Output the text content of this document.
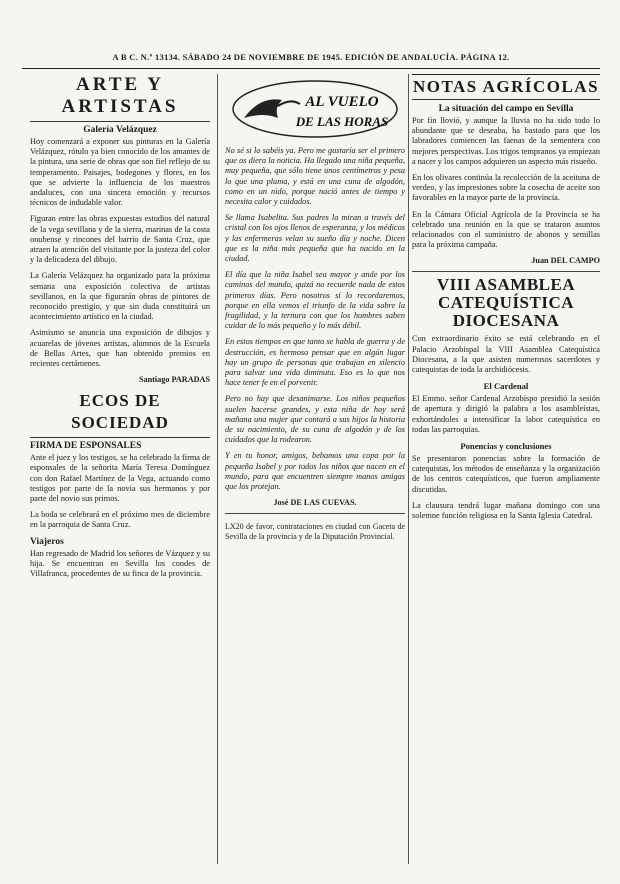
A B C. N.º 13134. SÁBADO 24 DE NOVIEMBRE DE 1945. EDICIÓN DE ANDALUCÍA. PÁGINA 12.
ARTE Y ARTISTAS
Galería Velázquez

Hoy comenzará a exponer sus pinturas en la Galería Velázquez, rótulo ya bien conocido de los amantes de la pintura, una serie de obras que son fiel reflejo de su temperamento. Paisajes, bodegones y flores, en los que se advierte la influencia de los maestros andaluces, con una sincera emoción y recursos técnicos de indudable valor.

Figuran entre las obras expuestas estudios del natural de la vega sevillana y de la sierra, marinas de la costa onubense y rincones del barrio de Santa Cruz, que atraen la atención del visitante por la justeza del color y la delicadeza del dibujo.

La Galería Velázquez ha organizado para la próxima semana una exposición colectiva de artistas sevillanos, en la que figurarán obras de pintores de reconocido prestigio, y que sin duda constituirá un acontecimiento artístico en la ciudad.

Asimismo se anuncia una exposición de dibujos y acuarelas de jóvenes artistas, alumnos de la Escuela de Bellas Artes, que han obtenido premios en recientes certámenes.

Santiago PARADAS
ECOS DE SOCIEDAD
FIRMA DE ESPONSALES

Ante el juez y los testigos, se ha celebrado la firma de esponsales de la señorita María Teresa Domínguez con don Rafael Martínez de la Vega, actuando como testigos por parte de la novia sus hermanos y por parte del novio sus primos.

La boda se celebrará en el próximo mes de diciembre en la parroquia de Santa Cruz.

Viajeros

Han regresado de Madrid los señores de Vázquez y su hija. Se encuentran en Sevilla los condes de Villafranca, procedentes de su finca de la provincia.

AL VUELO
DE LAS HORAS

No sé si lo sabéis ya. Pero me gustaría ser el primero que os diera la noticia. Ha llegado una niña pequeña, muy pequeña, que sólo tiene unos centímetros y pesa lo que una pluma, y está en una cuna de algodón, como en un nido, porque nació antes de tiempo y necesita calor y cuidados.

Se llama Isabelita. Sus padres la miran a través del cristal con los ojos llenos de esperanza, y los médicos y las enfermeras velan su sueño día y noche. Dicen que es la niña más pequeña que ha nacido en la ciudad.

El día que la niña Isabel sea mayor y ande por los caminos del mundo, quizá no recuerde nada de estos primeros días. Pero nosotros sí lo recordaremos, porque en ella vemos el triunfo de la vida sobre la fragilidad, y la ternura con que los hombres saben cuidar de lo más pequeño y lo más débil.

En estos tiempos en que tanto se habla de guerra y de destrucción, es hermoso pensar que en algún lugar hay un grupo de personas que trabajan en silencio para salvar una vida diminuta. Eso es lo que nos hace tener fe en el porvenir.

Pero no hay que desanimarse. Los niños pequeños suelen hacerse grandes, y esta niña de hoy será mañana una mujer que contará a sus hijos la historia de su nacimiento, de su cuna de algodón y de los cuidados que la rodearon.

Y en tu honor, amigos, bebamos una copa por la pequeña Isabel y por todos los niños que nacen en el mundo, para que encuentren siempre manos amigas que los protejan.

José DE LAS CUEVAS.

LX20 de favor, contrataciones en ciudad con Gaceta de Sevilla de la provincia y de la Diputación Provincial.

NOTAS AGRÍCOLAS
La situación del campo en Sevilla

Por fin llovió, y aunque la lluvia no ha sido todo lo abundante que se deseaba, ha bastado para que los labradores comiencen las faenas de la sementera con mejores perspectivas. Los trigos tempranos ya empiezan a nacer y los campos adquieren un aspecto más risueño.

En los olivares continúa la recolección de la aceituna de verdeo, y las impresiones sobre la cosecha de aceite son favorables en la mayor parte de la provincia.

En la Cámara Oficial Agrícola de la Provincia se ha celebrado una reunión en la que se trataron asuntos relacionados con el suministro de abonos y semillas para la próxima campaña.

Juan DEL CAMPO
VIII ASAMBLEA CATEQUÍSTICA DIOCESANA

Con extraordinario éxito se está celebrando en el Palacio Arzobispal la VIII Asamblea Catequística Diocesana, a la que asisten numerosos sacerdotes y catequistas de toda la archidiócesis.

El Cardenal

El Emmo. señor Cardenal Arzobispo presidió la sesión de apertura y dirigió la palabra a los asambleístas, exhortándoles a intensificar la labor catequística en todas las parroquias.

Ponencias y conclusiones

Se presentaron ponencias sobre la formación de catequistas, los métodos de enseñanza y la organización de los centros catequísticos, que fueron ampliamente discutidas.

La clausura tendrá lugar mañana domingo con una solemne función religiosa en la Santa Iglesia Catedral.
